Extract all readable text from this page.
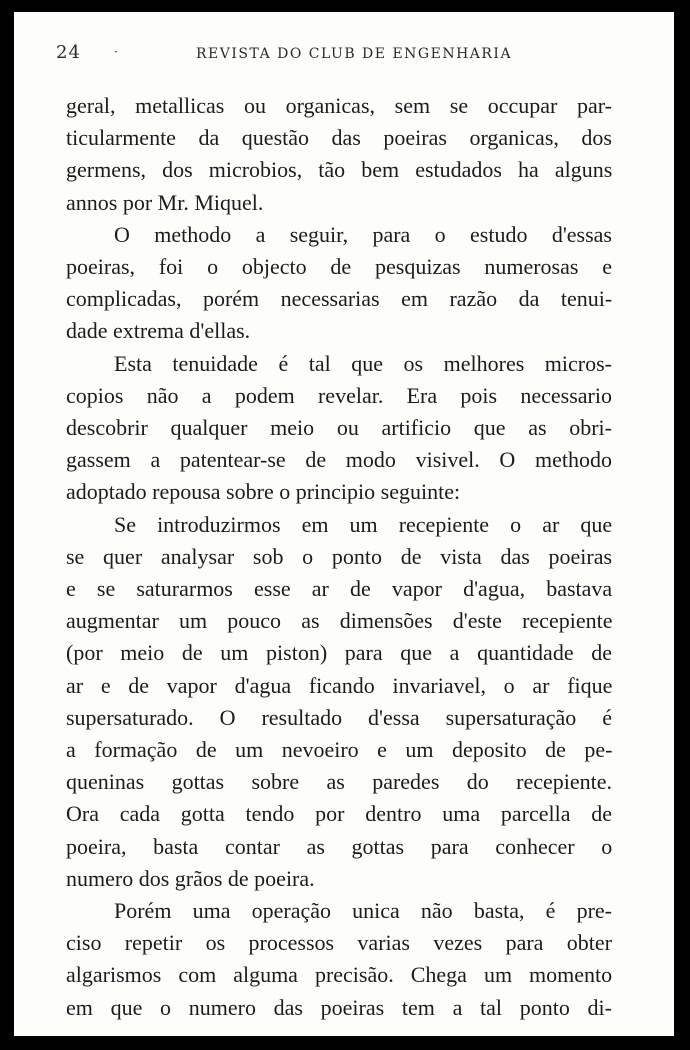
24	·	REVISTA DO CLUB DE ENGENHARIA
geral, metallicas ou organicas, sem se occupar par-
ticularmente da questão das poeiras organicas, dos
germens, dos microbios, tão bem estudados ha alguns
annos por Mr. Miquel.
O methodo a seguir, para o estudo d'essas
poeiras, foi o objecto de pesquizas numerosas e
complicadas, porém necessarias em razão da tenui-
dade extrema d'ellas.
Esta tenuidade é tal que os melhores micros-
copios não a podem revelar. Era pois necessario
descobrir qualquer meio ou artificio que as obri-
gassem a patentear-se de modo visivel. O methodo
adoptado repousa sobre o principio seguinte:
Se introduzirmos em um recepiente o ar que
se quer analysar sob o ponto de vista das poeiras
e se saturarmos esse ar de vapor d'agua, bastava
augmentar um pouco as dimensões d'este recepiente
(por meio de um piston) para que a quantidade de
ar e de vapor d'agua ficando invariavel, o ar fique
supersaturado. O resultado d'essa supersaturação é
a formação de um nevoeiro e um deposito de pe-
queninas gottas sobre as paredes do recepiente.
Ora cada gotta tendo por dentro uma parcella de
poeira, basta contar as gottas para conhecer o
numero dos grãos de poeira.
Porém uma operação unica não basta, é pre-
ciso repetir os processos varias vezes para obter
algarismos com alguma precisão. Chega um momento
em que o numero das poeiras tem a tal ponto di-
